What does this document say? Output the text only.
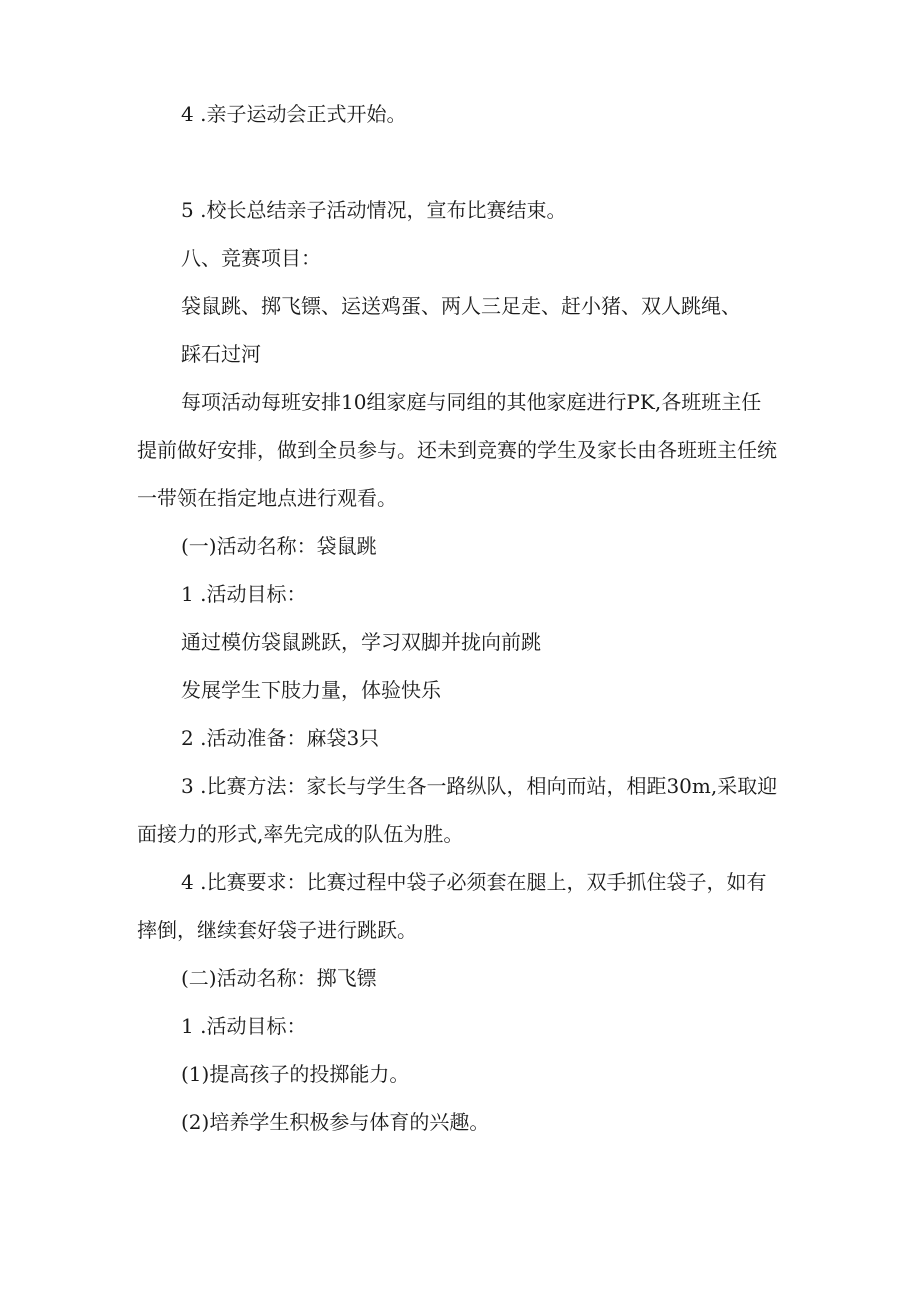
4 .亲子运动会正式开始。
5 .校长总结亲子活动情况，宣布比赛结束。
八、竞赛项目：
袋鼠跳、掷飞镖、运送鸡蛋、两人三足走、赶小猪、双人跳绳、
踩石过河
每项活动每班安排10组家庭与同组的其他家庭进行PK,各班班主任
提前做好安排，做到全员参与。还未到竞赛的学生及家长由各班班主任统
一带领在指定地点进行观看。
(一)活动名称：袋鼠跳
1 .活动目标：
通过模仿袋鼠跳跃，学习双脚并拢向前跳
发展学生下肢力量，体验快乐
2 .活动准备：麻袋3只
3 .比赛方法：家长与学生各一路纵队，相向而站，相距30m,采取迎
面接力的形式,率先完成的队伍为胜。
4 .比赛要求：比赛过程中袋子必须套在腿上，双手抓住袋子，如有
摔倒，继续套好袋子进行跳跃。
(二)活动名称：掷飞镖
1 .活动目标：
(1)提高孩子的投掷能力。
(2)培养学生积极参与体育的兴趣。
